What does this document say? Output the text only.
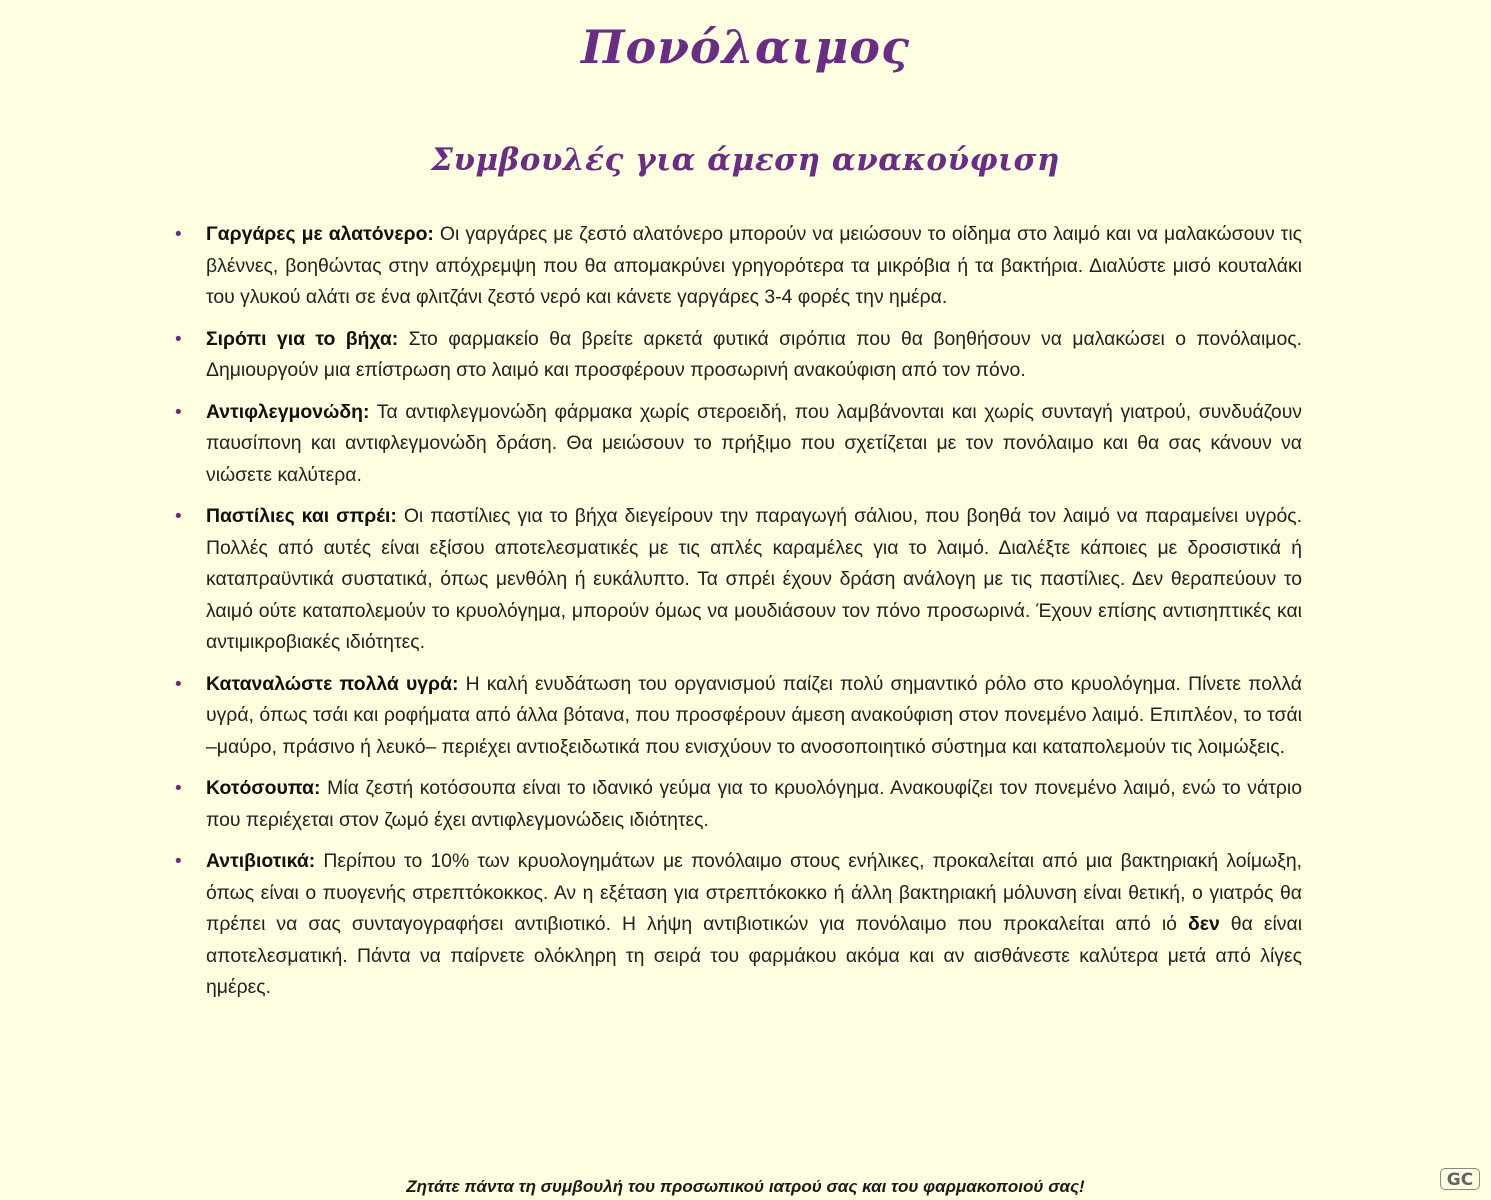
Πονόλαιμος
Συμβουλές για άμεση ανακούφιση
• Γαργάρες με αλατόνερο: Οι γαργάρες με ζεστό αλατόνερο μπορούν να μειώσουν το οίδημα στο λαιμό και να μαλακώσουν τις βλέννες, βοηθώντας στην απόχρεμψη που θα απομακρύνει γρηγορότερα τα μικρόβια ή τα βακτήρια. Διαλύστε μισό κουταλάκι του γλυκού αλάτι σε ένα φλιτζάνι ζεστό νερό και κάνετε γαργάρες 3-4 φορές την ημέρα.
• Σιρόπι για το βήχα: Στο φαρμακείο θα βρείτε αρκετά φυτικά σιρόπια που θα βοηθήσουν να μαλακώσει ο πονόλαιμος. Δημιουργούν μια επίστρωση στο λαιμό και προσφέρουν προσωρινή ανακούφιση από τον πόνο.
• Αντιφλεγμονώδη: Τα αντιφλεγμονώδη φάρμακα χωρίς στεροειδή, που λαμβάνονται και χωρίς συνταγή γιατρού, συνδυάζουν παυσίπονη και αντιφλεγμονώδη δράση. Θα μειώσουν το πρήξιμο που σχετίζεται με τον πονόλαιμο και θα σας κάνουν να νιώσετε καλύτερα.
• Παστίλιες και σπρέι: Οι παστίλιες για το βήχα διεγείρουν την παραγωγή σάλιου, που βοηθά τον λαιμό να παραμείνει υγρός. Πολλές από αυτές είναι εξίσου αποτελεσματικές με τις απλές καραμέλες για το λαιμό. Διαλέξτε κάποιες με δροσιστικά ή καταπραϋντικά συστατικά, όπως μενθόλη ή ευκάλυπτο. Τα σπρέι έχουν δράση ανάλογη με τις παστίλιες. Δεν θεραπεύουν το λαιμό ούτε καταπολεμούν το κρυολόγημα, μπορούν όμως να μουδιάσουν τον πόνο προσωρινά. Έχουν επίσης αντισηπτικές και αντιμικροβιακές ιδιότητες.
• Καταναλώστε πολλά υγρά: Η καλή ενυδάτωση του οργανισμού παίζει πολύ σημαντικό ρόλο στο κρυολόγημα. Πίνετε πολλά υγρά, όπως τσάι και ροφήματα από άλλα βότανα, που προσφέρουν άμεση ανακούφιση στον πονεμένο λαιμό. Επιπλέον, το τσάι –μαύρο, πράσινο ή λευκό– περιέχει αντιοξειδωτικά που ενισχύουν το ανοσοποιητικό σύστημα και καταπολεμούν τις λοιμώξεις.
• Κοτόσουπα: Μία ζεστή κοτόσουπα είναι το ιδανικό γεύμα για το κρυολόγημα. Ανακουφίζει τον πονεμένο λαιμό, ενώ το νάτριο που περιέχεται στον ζωμό έχει αντιφλεγμονώδεις ιδιότητες.
• Αντιβιοτικά: Περίπου το 10% των κρυολογημάτων με πονόλαιμο στους ενήλικες, προκαλείται από μια βακτηριακή λοίμωξη, όπως είναι ο πυογενής στρεπτόκοκκος. Αν η εξέταση για στρεπτόκοκκο ή άλλη βακτηριακή μόλυνση είναι θετική, ο γιατρός θα πρέπει να σας συνταγογραφήσει αντιβιοτικό. Η λήψη αντιβιοτικών για πονόλαιμο που προκαλείται από ιό δεν θα είναι αποτελεσματική. Πάντα να παίρνετε ολόκληρη τη σειρά του φαρμάκου ακόμα και αν αισθάνεστε καλύτερα μετά από λίγες ημέρες.
Ζητάτε πάντα τη συμβουλή του προσωπικού ιατρού σας και του φαρμακοποιού σας!	GC
